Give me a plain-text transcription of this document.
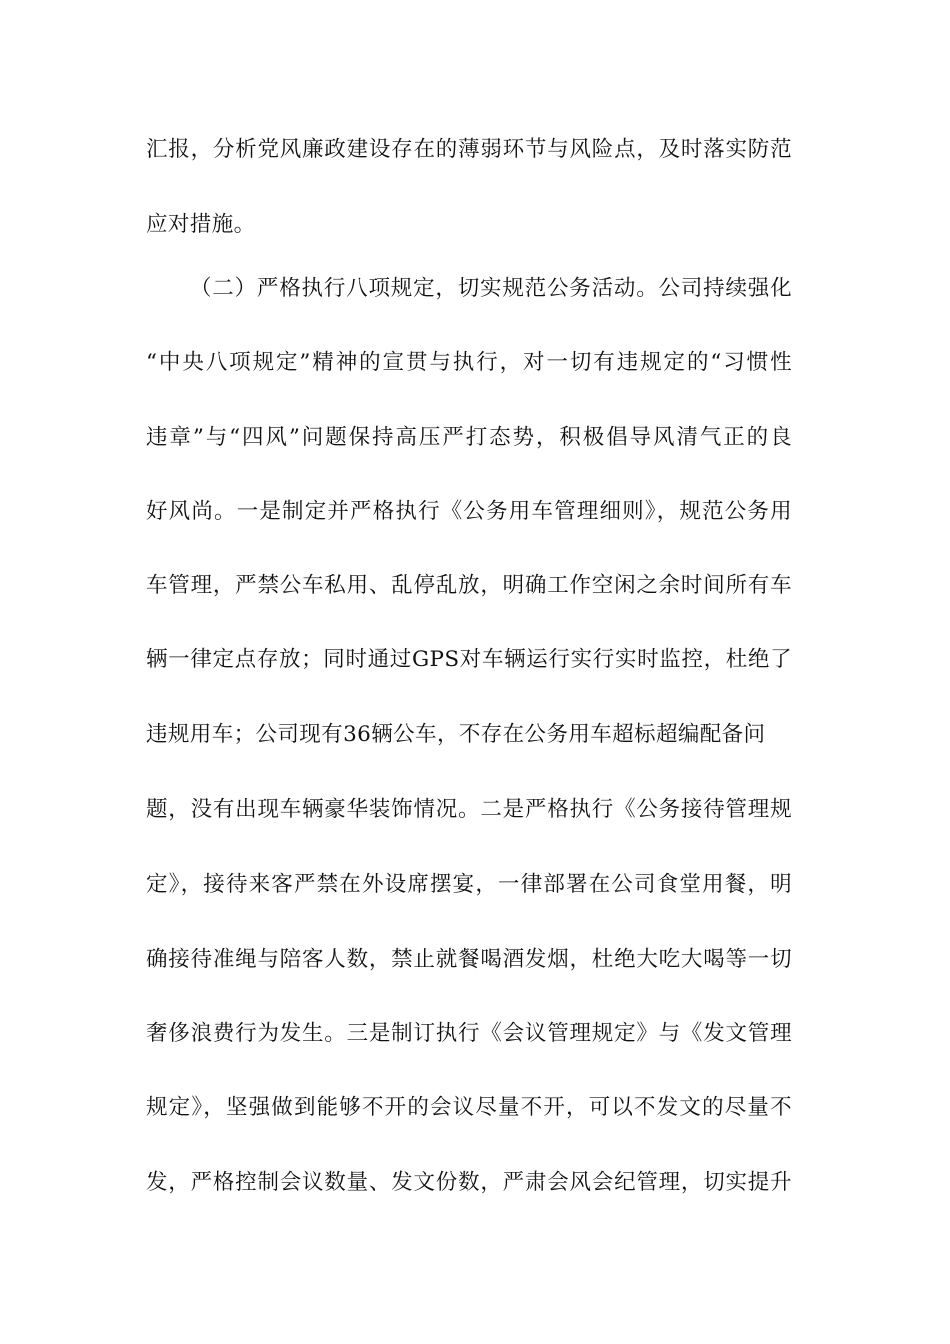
汇报，分析党风廉政建设存在的薄弱环节与风险点，及时落实防范
应对措施。
（二）严格执行八项规定，切实规范公务活动。公司持续强化
“中央八项规定”精神的宣贯与执行，对一切有违规定的“习惯性
违章”与“四风”问题保持高压严打态势，积极倡导风清气正的良
好风尚。一是制定并严格执行《公务用车管理细则》，规范公务用
车管理，严禁公车私用、乱停乱放，明确工作空闲之余时间所有车
辆一律定点存放；同时通过GPS对车辆运行实行实时监控，杜绝了
违规用车；公司现有36辆公车，不存在公务用车超标超编配备问
题，没有出现车辆豪华装饰情况。二是严格执行《公务接待管理规
定》，接待来客严禁在外设席摆宴，一律部署在公司食堂用餐，明
确接待准绳与陪客人数，禁止就餐喝酒发烟，杜绝大吃大喝等一切
奢侈浪费行为发生。三是制订执行《会议管理规定》与《发文管理
规定》，坚强做到能够不开的会议尽量不开，可以不发文的尽量不
发，严格控制会议数量、发文份数，严肃会风会纪管理，切实提升
